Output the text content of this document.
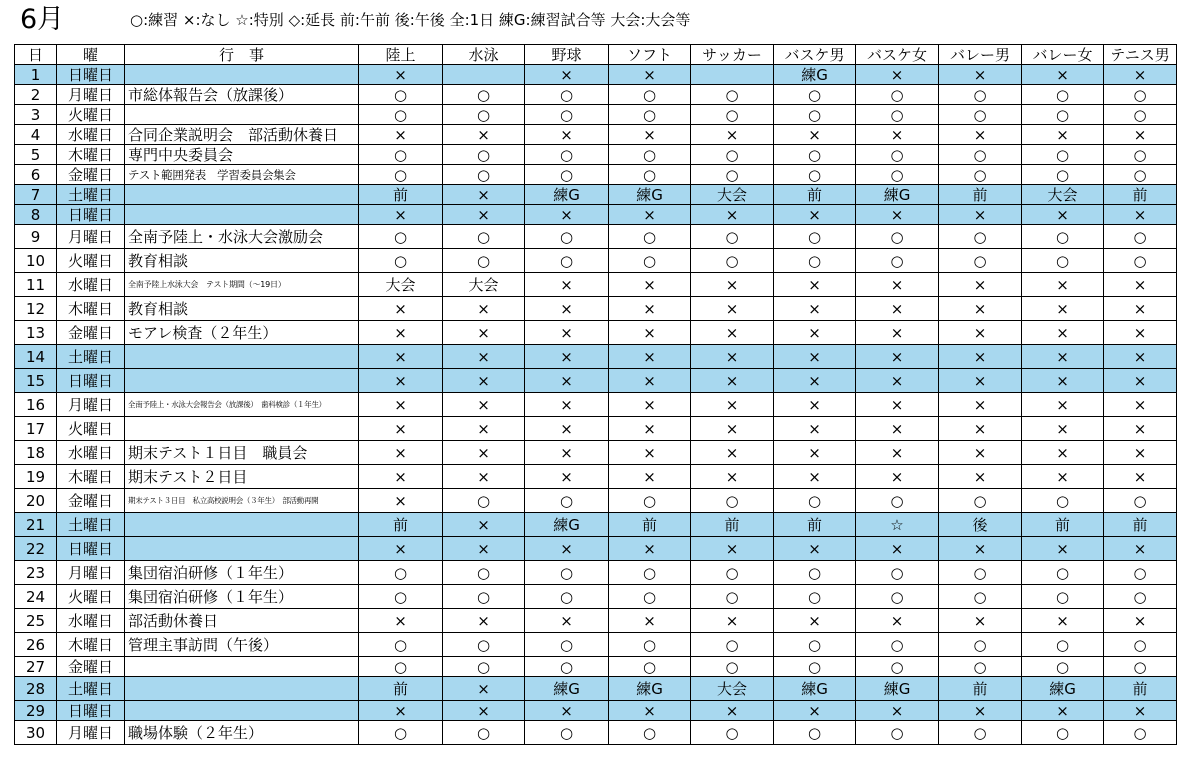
6月	○:練習 ×:なし ☆:特別 ◇:延長 前:午前 後:午後 全:1日 練G:練習試合等 大会:大会等
日	曜	行　事	陸上	水泳	野球	ソフト	サッカー	バスケ男	バスケ女	バレー男	バレー女	テニス男
1	日曜日		×		×	×		練G	×	×	×	×
2	月曜日	市総体報告会（放課後）	○	○	○	○	○	○	○	○	○	○
3	火曜日		○	○	○	○	○	○	○	○	○	○
4	水曜日	合同企業説明会　部活動休養日	×	×	×	×	×	×	×	×	×	×
5	木曜日	専門中央委員会	○	○	○	○	○	○	○	○	○	○
6	金曜日	テスト範囲発表　学習委員会集会	○	○	○	○	○	○	○	○	○	○
7	土曜日		前	×	練G	練G	大会	前	練G	前	大会	前
8	日曜日		×	×	×	×	×	×	×	×	×	×
9	月曜日	全南予陸上・水泳大会激励会	○	○	○	○	○	○	○	○	○	○
10	火曜日	教育相談	○	○	○	○	○	○	○	○	○	○
11	水曜日	全南予陸上水泳大会　テスト期間（～19日）	大会	大会	×	×	×	×	×	×	×	×
12	木曜日	教育相談	×	×	×	×	×	×	×	×	×	×
13	金曜日	モアレ検査（２年生）	×	×	×	×	×	×	×	×	×	×
14	土曜日		×	×	×	×	×	×	×	×	×	×
15	日曜日		×	×	×	×	×	×	×	×	×	×
16	月曜日	全南予陸上・水泳大会報告会（放課後）　歯科検診（１年生）	×	×	×	×	×	×	×	×	×	×
17	火曜日		×	×	×	×	×	×	×	×	×	×
18	水曜日	期末テスト１日目　職員会	×	×	×	×	×	×	×	×	×	×
19	木曜日	期末テスト２日目	×	×	×	×	×	×	×	×	×	×
20	金曜日	期末テスト３日目　私立高校説明会（３年生）　部活動再開	×	○	○	○	○	○	○	○	○	○
21	土曜日		前	×	練G	前	前	前	☆	後	前	前
22	日曜日		×	×	×	×	×	×	×	×	×	×
23	月曜日	集団宿泊研修（１年生）	○	○	○	○	○	○	○	○	○	○
24	火曜日	集団宿泊研修（１年生）	○	○	○	○	○	○	○	○	○	○
25	水曜日	部活動休養日	×	×	×	×	×	×	×	×	×	×
26	木曜日	管理主事訪問（午後）	○	○	○	○	○	○	○	○	○	○
27	金曜日		○	○	○	○	○	○	○	○	○	○
28	土曜日		前	×	練G	練G	大会	練G	練G	前	練G	前
29	日曜日		×	×	×	×	×	×	×	×	×	×
30	月曜日	職場体験（２年生）	○	○	○	○	○	○	○	○	○	○
